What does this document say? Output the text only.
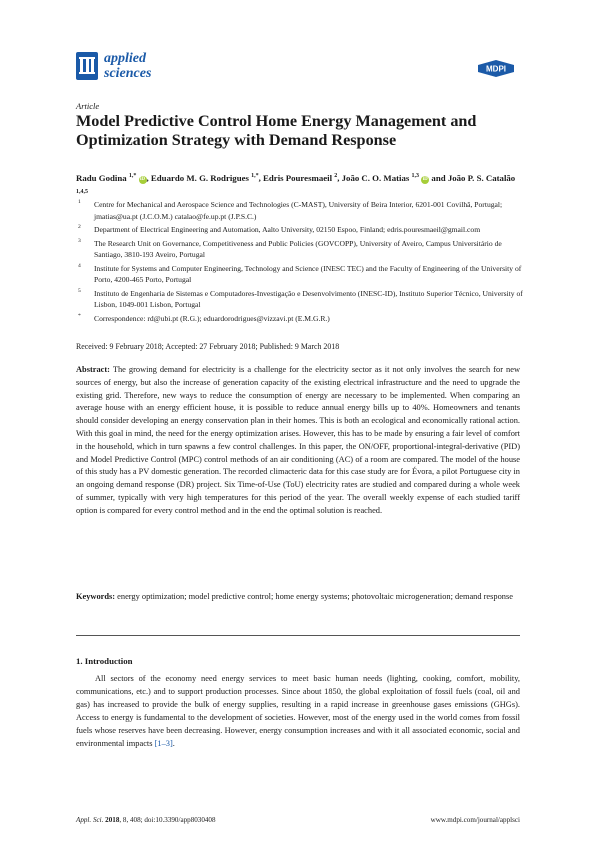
applied
sciences	MDPI
Article
Model Predictive Control Home Energy Management and Optimization Strategy with Demand Response
Radu Godina $^{1,*}$ iD , Eduardo M. G. Rodrigues $^{1,*}$, Edris Pouresmaeil $^2$, João C. O. Matias $^{1,3}$ iD and João P. S. Catalão $^{1,4,5}$
1 Centre for Mechanical and Aerospace Science and Technologies (C-MAST), University of Beira Interior, 6201-001 Covilhã, Portugal; jmatias@ua.pt (J.C.O.M.) catalao@fe.up.pt (J.P.S.C.)
2 Department of Electrical Engineering and Automation, Aalto University, 02150 Espoo, Finland; edris.pouresmaeil@gmail.com
3 The Research Unit on Governance, Competitiveness and Public Policies (GOVCOPP), University of Aveiro, Campus Universitário de Santiago, 3810-193 Aveiro, Portugal
4 Institute for Systems and Computer Engineering, Technology and Science (INESC TEC) and the Faculty of Engineering of the University of Porto, 4200-465 Porto, Portugal
5 Instituto de Engenharia de Sistemas e Computadores-Investigação e Desenvolvimento (INESC-ID), Instituto Superior Técnico, University of Lisbon, 1049-001 Lisbon, Portugal
* Correspondence: rd@ubi.pt (R.G.); eduardorodrigues@vizzavi.pt (E.M.G.R.)
Received: 9 February 2018; Accepted: 27 February 2018; Published: 9 March 2018
Abstract: The growing demand for electricity is a challenge for the electricity sector as it not only involves the search for new sources of energy, but also the increase of generation capacity of the existing electrical infrastructure and the need to upgrade the existing grid. Therefore, new ways to reduce the consumption of energy are necessary to be implemented. When comparing an average house with an energy efficient house, it is possible to reduce annual energy bills up to 40%. Homeowners and tenants should consider developing an energy conservation plan in their homes. This is both an ecological and economically rational action. With this goal in mind, the need for the energy optimization arises. However, this has to be made by ensuring a fair level of comfort in the household, which in turn spawns a few control challenges. In this paper, the ON/OFF, proportional-integral-derivative (PID) and Model Predictive Control (MPC) control methods of an air conditioning (AC) of a room are compared. The model of the house of this study has a PV domestic generation. The recorded climacteric data for this case study are for Évora, a pilot Portuguese city in an ongoing demand response (DR) project. Six Time-of-Use (ToU) electricity rates are studied and compared during a whole week of summer, typically with very high temperatures for this period of the year. The overall weekly expense of each studied tariff option is compared for every control method and in the end the optimal solution is reached.
Keywords: energy optimization; model predictive control; home energy systems; photovoltaic microgeneration; demand response
1. Introduction
All sectors of the economy need energy services to meet basic human needs (lighting, cooking, comfort, mobility, communications, etc.) and to support production processes. Since about 1850, the global exploitation of fossil fuels (coal, oil and gas) has increased to provide the bulk of energy supplies, resulting in a rapid increase in greenhouse gases emissions (GHGs). Access to energy is fundamental to the development of societies. However, most of the energy used in the world comes from fossil fuels whose reserves have been decreasing. However, energy consumption increases and with it all associated economic, social and environmental impacts [1–3].
Appl. Sci. 2018, 8, 408; doi:10.3390/app8030408	www.mdpi.com/journal/applsci
